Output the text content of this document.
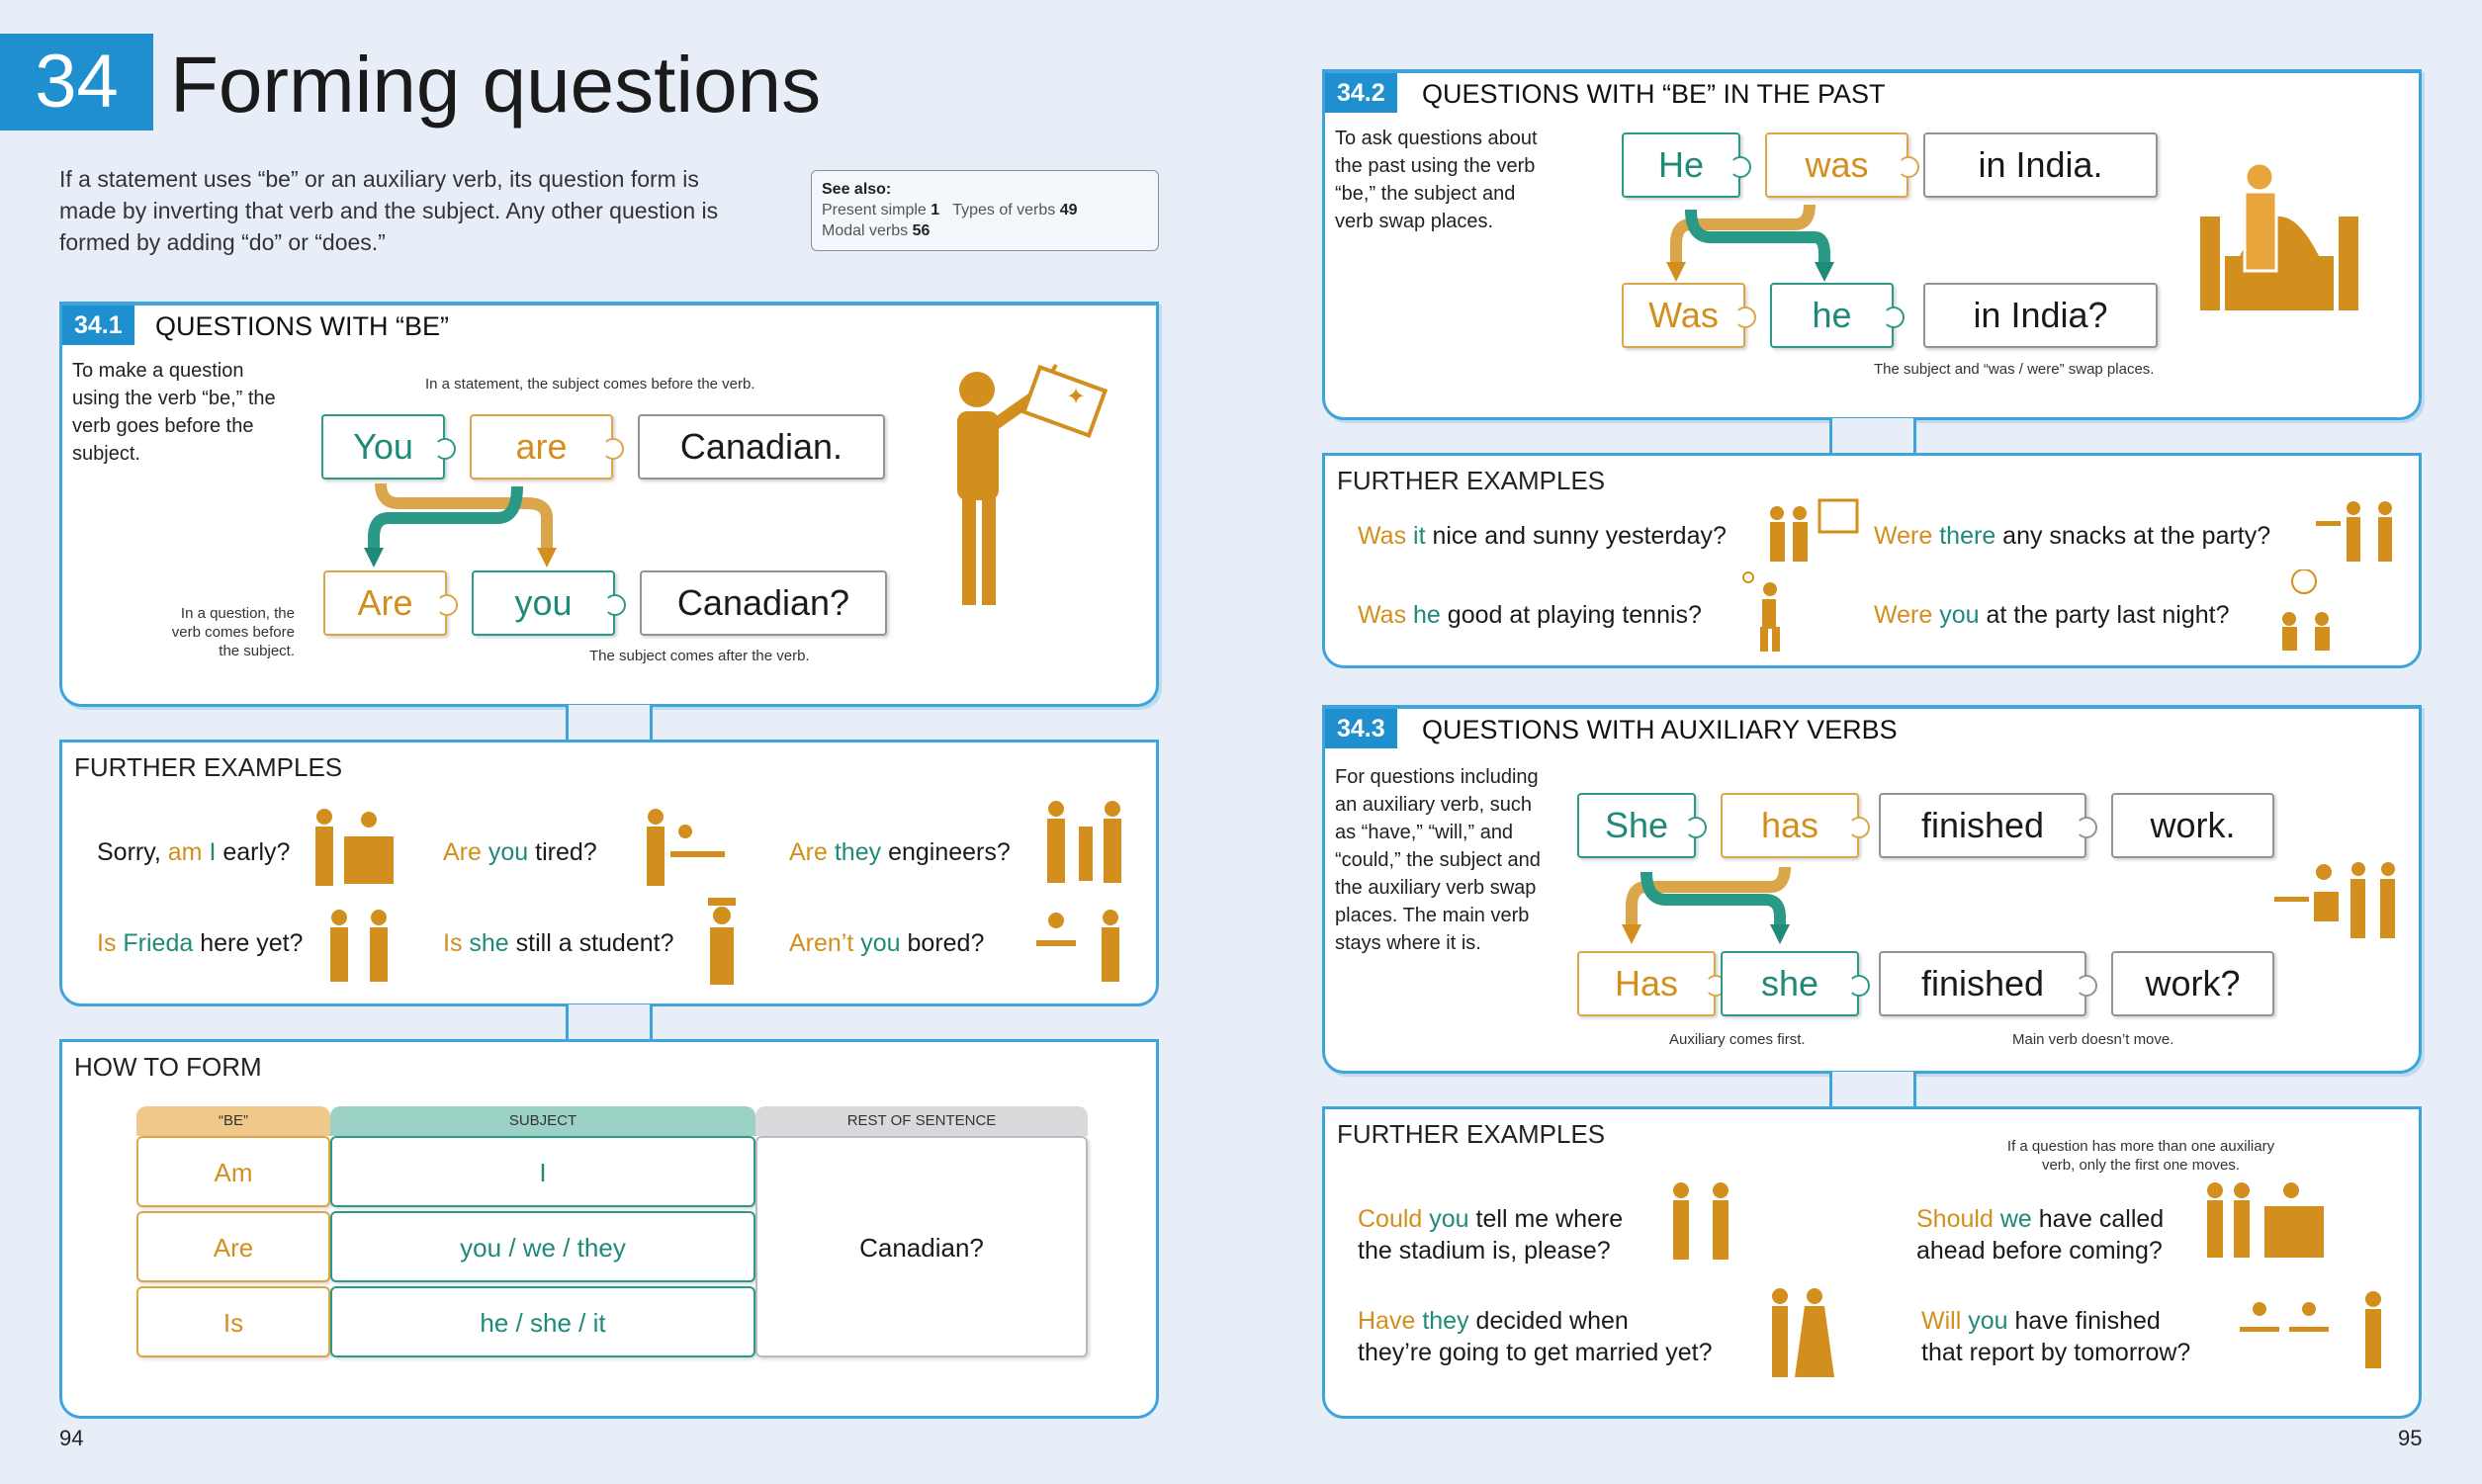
34 Forming questions
If a statement uses “be” or an auxiliary verb, its question form is made by inverting that verb and the subject. Any other question is formed by adding “do” or “does.”
See also:
Present simple 1 Types of verbs 49
Modal verbs 56
34.1	QUESTIONS WITH “BE”
To make a question using the verb “be,” the verb goes before the subject.
In a statement, the subject comes before the verb.
In a question, the verb comes before the subject.	The subject comes after the verb.
You	are	Canadian.
Are	you	Canadian?
✦
FURTHER EXAMPLES
Sorry, am I early?	Are you tired?	Are they engineers?
Is Frieda here yet?	Is she still a student?	Aren’t you bored?
HOW TO FORM
“BE”	SUBJECT	REST OF SENTENCE
Am	I
Are	you / we / they
Is	he / she / it
Canadian?
94
34.2	QUESTIONS WITH “BE” IN THE PAST
To ask questions about the past using the verb “be,” the subject and verb swap places.
He	was	in India.
Was	he	in India?
The subject and “was / were” swap places.
FURTHER EXAMPLES
Was it nice and sunny yesterday?	Were there any snacks at the party?
Was he good at playing tennis?	Were you at the party last night?
34.3	QUESTIONS WITH AUXILIARY VERBS
For questions including an auxiliary verb, such as “have,” “will,” and “could,” the subject and the auxiliary verb swap places. The main verb stays where it is.
She	has	finished	work.
Has	she	finished	work?
Auxiliary comes first.	Main verb doesn’t move.
FURTHER EXAMPLES	If a question has more than one auxiliary verb, only the first one moves.
Could you tell me where
the stadium is, please?
Should we have called
ahead before coming?
Have they decided when
they’re going to get married yet?
Will you have finished
that report by tomorrow?
95
